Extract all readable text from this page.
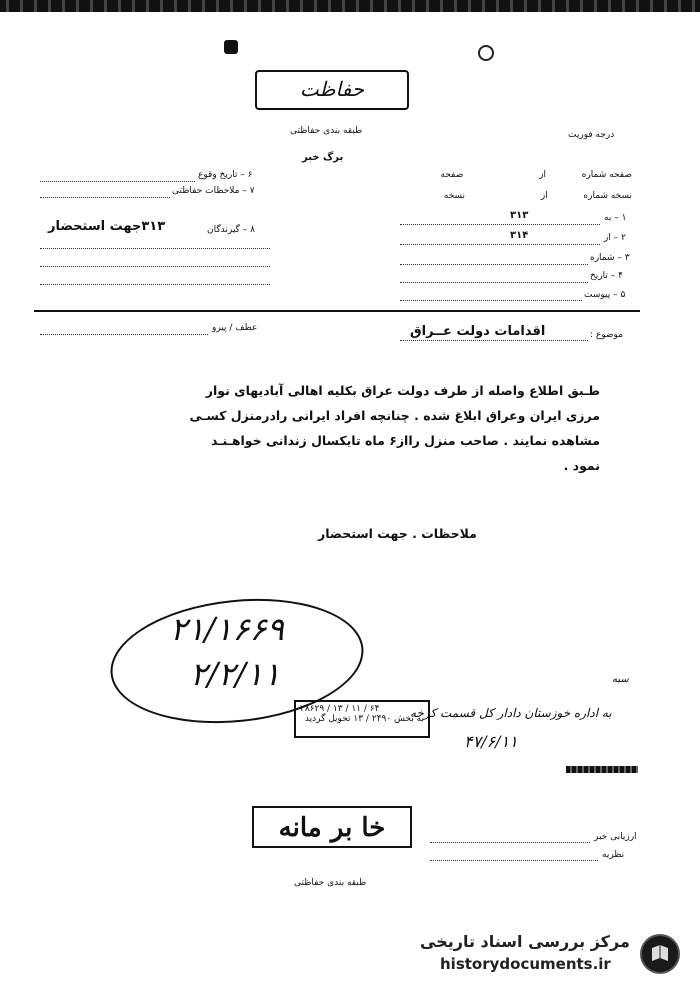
حفاظت
طبقه بندی حفاظتی	درجه فوریت
برگ خبر
صفحه شماره  از  صفحه
نسخه شماره  از  نسخه
۱ – به
۳۱۳
۲ – از
۳۱۴
۳ – شماره
۴ – تاریخ
۵ – پیوست
۶ – تاریخ وقوع
۷ – ملاحظات حفاظتی
۸ – گیرندگان
۳۱۳جهت استحضار
موضوع :
اقدامات دولت عــراق
عطف / پیرو
طـبق اطلاع واصله از طرف دولت عراق بکلیه اهالی آبادیهای نوار
مرزی ایران وعراق ابلاغ شده . چنانچه افراد ایرانی رادرمنزل کسـی
مشاهده نمایند . صاحب منزل رااز۶ ماه تایکسال زندانی خواهـنـد
نمود .
ملاحظات . جهت استحضار
۲۱/۱۶۶۹
۲/۲/۱۱	سبه
به اداره خوزستان دادار کل قسمت کرخه
۴۷/۶/۱۱
۲۸۶۲۹ / ۱۳ / ۱۱ / ۶۴
به بخش ۲۴۹۰ / ۱۳ تحویل گردید
خا بر مانه	ارزیابی خبر
نظریه
طبقه بندی حفاظتی
مرکز بررسی اسناد تاریخی
historydocuments.ir
